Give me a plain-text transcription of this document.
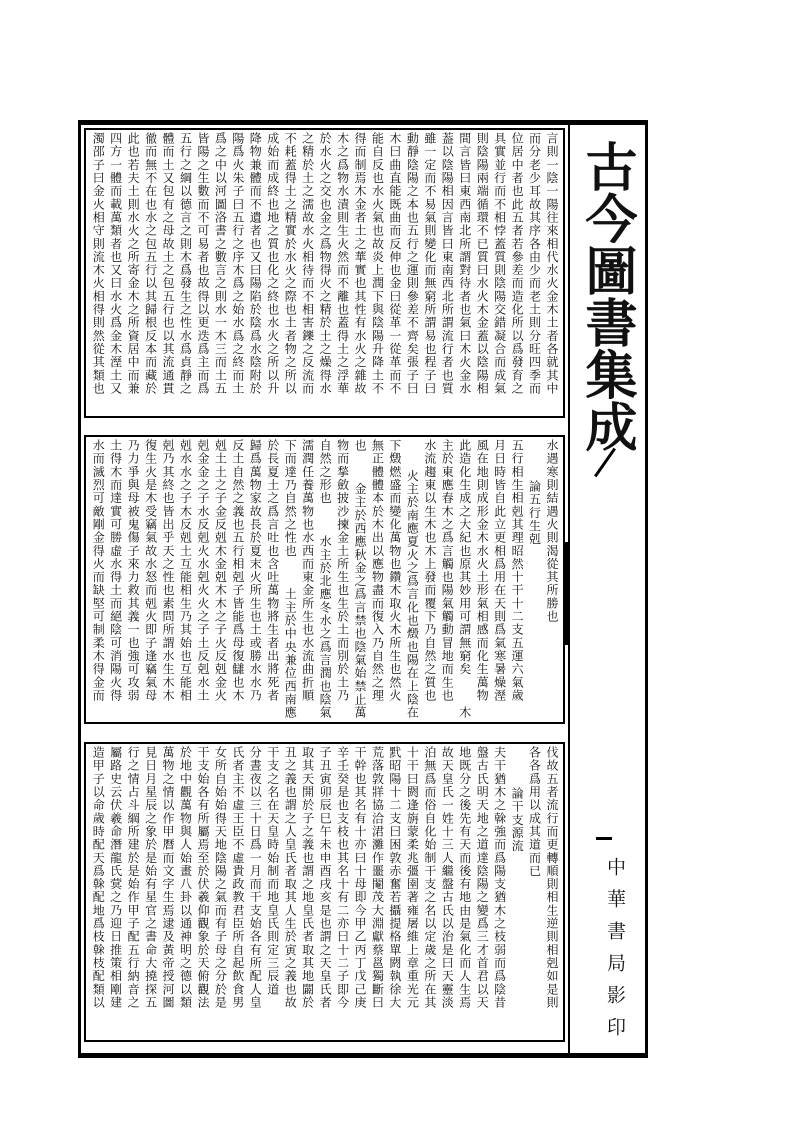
言則一陰一陽往來相代水火金木土者各就其中
而分老少耳故其序各由少而老土則分旺四季而
位居中者也此五者若參差而造化所以爲發育之
具實並行而不相悖蓋質則陰陽交錯凝合而成氣
則陰陽兩端循環不已質曰水火木金蓋以陰陽相
間言皆曰東西南北所謂對待者也氣曰木火金水
葢以陰陽相因言皆曰東南西北所謂流行者也質
雖一定而不易氣則變化而無窮所謂易也程子曰
動靜陰陽之本也五行之運則參差不齊矣張子曰
木曰曲直能既曲而反伸也金曰從革一從革而不
能自反也水火氣也故炎上潤下與陰陽升降土不
得而制焉木金者土之華實也其性有水火之雜故
木之爲物水漬則生火然而不離也蓋得土之浮華
於水火之交也金之爲物得火之精於土之燥得水
之精於土之濡故水火相待而不相害鑠之反流而
不耗蓋得土之精實於水火之際也土者物之所以
成始而成終也地之質也化之終也水火之所以升
降物兼體而不遺者也又曰陽陷於陰爲水陰附於
陽爲火朱子曰五行之序木爲之始水爲之終而土
爲之中以河圖洛書之數言之則水一木三而土五
皆陽之生數而不可易者也故得以更迭爲主而爲
五行之綱以德言之則木爲發生之性水爲貞靜之
體而土又包有之母故土之包五行也以其流通貫
徹而無不在也水之包五行以其歸根反本而藏於
此也若夫土則水火之所寄金木之所資居中而兼
四方一體而載萬類者也又曰水火爲金木溼土又
濁邵子曰金火相守則流木火相得則然從其類也
水遇寒則結遇火則渴從其所勝也
論五行生剋
五行相生相剋其理昭然十干十二支五運六氣歲
月日時皆自此立更相爲用在天則爲氣寒暑燥溼
風在地則成形金木水火土形氣相感而化生萬物
此造化生成之大紀也原其妙用可謂無窮矣  木
主於東應春木之爲言觸也陽氣觸動冒地而生也
水流趨東以生木也木上發而覆下乃自然之質也
火主於南應夏火之爲言化也燬也陽在上陰在
下燬燃盛而變化萬物也鑽木取火木所生也然火
無正體體本於木出以應物盡而復入乃自然之理
也  金主於西應秋金之爲言禁也陰氣始禁止萬
物而揫斂披沙揀金土所生也生於土而別於土乃
自然之形也  水主於北應冬水之爲言潤也陰氣
濡潤任養萬物也水西而東金所生也水流曲折順
下而達乃自然之性也  土主於中央兼位西南應
於長夏土之爲言吐也含吐萬物將生者出將死者
歸爲萬物家故長於夏末火所生也土或勝水水乃
反土自然之義也五行相剋子皆能爲母復讎也木
剋土土之子金反剋木金剋木木之子火反剋金火
剋金金之子水反剋火水剋火火之子土反剋水土
剋水水之子木反剋土互能相生乃其始也互能相
剋乃其終也皆出乎天之性也素問所謂水生木木
復生火是木受竊氣故水怒而剋火即子逢竊氣母
乃力爭與母被鬼傷子來力救其義一也強可攻弱
土得木而達實可勝虛水得土而絕陰可消陽火得
水而滅烈可敵剛金得火而缺堅可制柔木得金而
伐故五者流行而更轉順則相生逆則相剋如是則
各各爲用以成其道而已
論干支源流
夫干猶木之榦強而爲陽支猶木之枝弱而爲陰昔
盤古氏明天地之道達陰陽之變爲三才首君以天
地既分之後先有天而後有地由是氣化而人生焉
故天皇氏一姓十三人繼盤古氏以治是曰天靈淡
泊無爲而俗自化始制干支之名以定歲之所在其
十干曰閼逢旃蒙柔兆彊圉著雍屠維上章重光元
黓昭陽十二支曰困敦赤奮若攝提格單閼執徐大
荒落敦牂協洽涒灘作噩閹茂大淵獻蔡邕獨斷曰
干幹也其名有十亦曰十母即今甲乙丙丁戊己庚
辛壬癸是也支枝也其名十有二亦曰十二子即今
子丑寅卯辰巳午未申酉戌亥是也謂之天皇氏者
取其天開於子之義也謂之地皇氏者取其地闢於
丑之義也謂之人皇氏者取其人生於寅之義也故
干支之名在天皇時始制而地皇氏則定三辰道
分晝夜以三十日爲一月而干支始各有所配人皇
氏者主不虛王臣不虛貴政教君臣所自起飲食男
女所自始始得天地陰陽之氣而有子母之分於是
干支始各有所屬焉至於伏羲仰觀象於天俯觀法
於地中觀萬物與人始畫八卦以通神明之德以類
萬物之情以作甲曆而文字生焉逮及黃帝授河圖
見日月星辰之象於是始有星官之書命大撓探五
行之情占斗綱所建於是始作甲子配五行納音之
屬路史云伏羲命潛龍氏蓂之乃迎日推策相剛建
造甲子以命歲時配天爲榦配地爲枝榦枝配類以
古今圖書集成
中華書局影印
